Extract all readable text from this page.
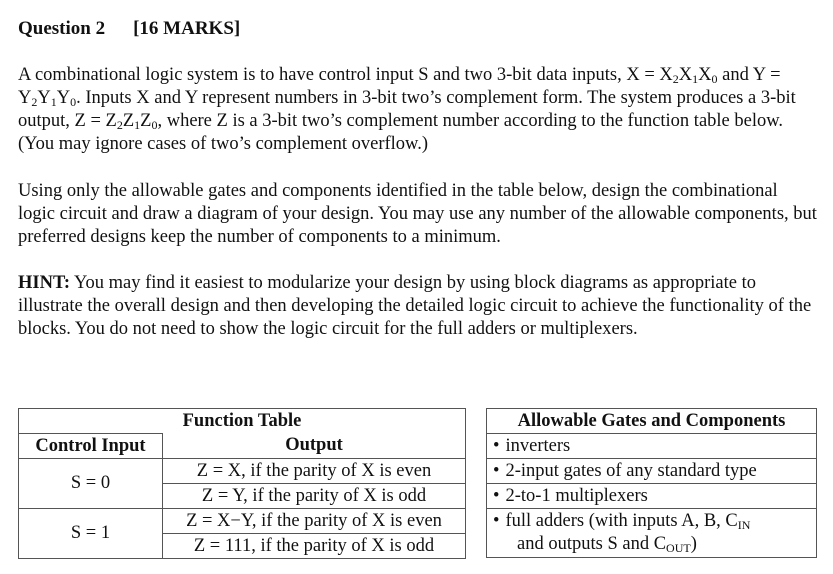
Question 2 [16 MARKS]

A combinational logic system is to have control input S and two 3-bit data inputs, $X = X_2X_1X_0$ and $Y = Y_2Y_1Y_0$. Inputs X and Y represent numbers in 3-bit two’s complement form. The system produces a 3-bit output, $Z = Z_2Z_1Z_0$, where Z is a 3-bit two’s complement number according to the function table below. (You may ignore cases of two’s complement overflow.)

Using only the allowable gates and components identified in the table below, design the combinational logic circuit and draw a diagram of your design. You may use any number of the allowable components, but preferred designs keep the number of components to a minimum.

HINT: You may find it easiest to modularize your design by using block diagrams as appropriate to illustrate the overall design and then developing the detailed logic circuit to achieve the functionality of the blocks. You do not need to show the logic circuit for the full adders or multiplexers.

Function Table	
Control Input	Output
S = 0	Z = X, if the parity of X is even
Z = Y, if the parity of X is odd

S = 1	Z = X−Y, if the parity of X is even
Z = 111, if the parity of X is odd
Allowable Gates and Components
• inverters
• 2-input gates of any standard type
• 2-to-1 multiplexers
• full adders (with inputs A, B, CIN
and outputs S and COUT)
